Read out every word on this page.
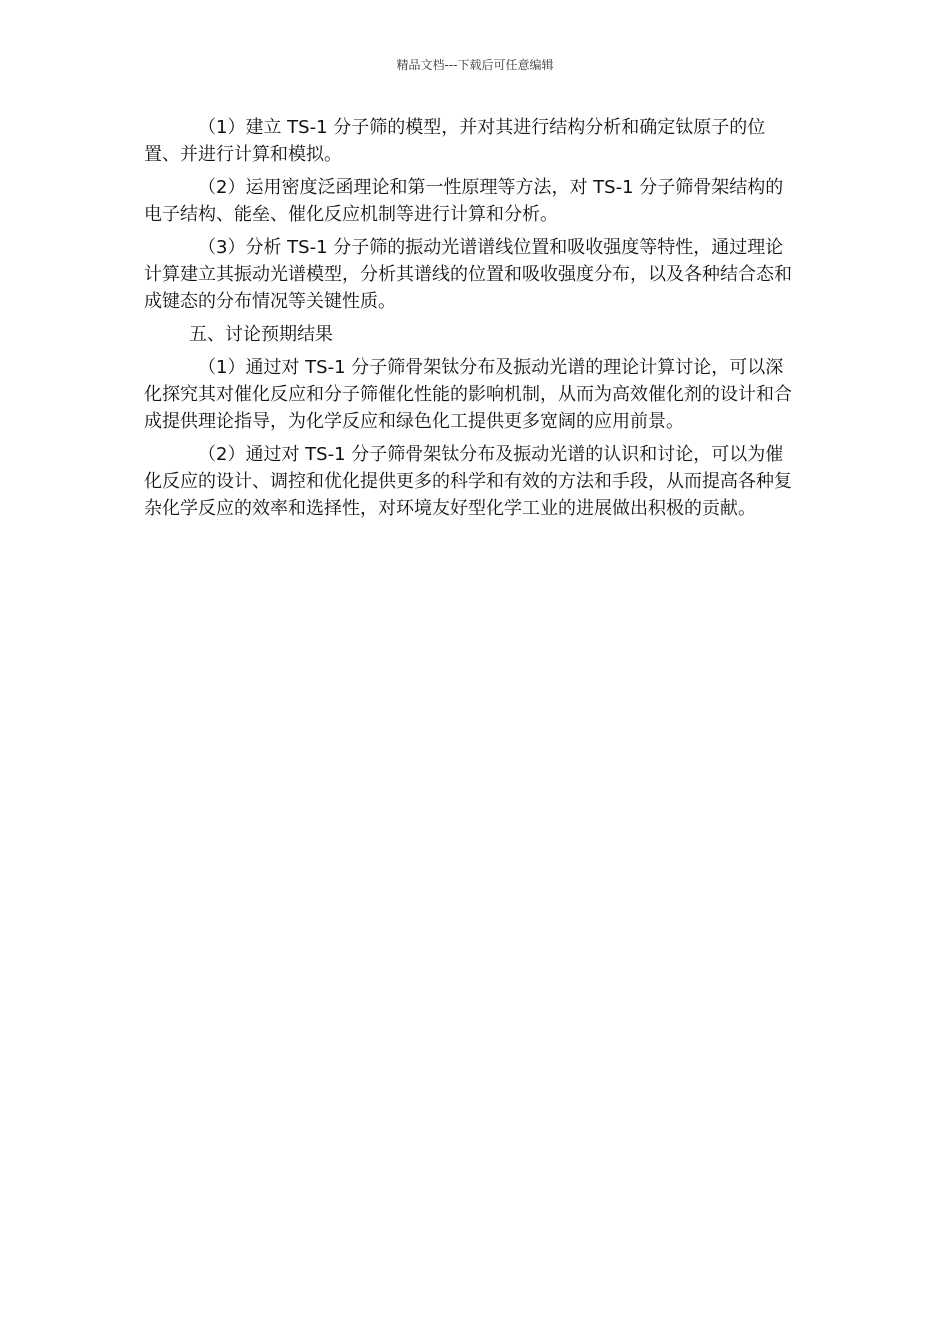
精品文档---下载后可任意编辑

（1）建立 TS-1 分子筛的模型，并对其进行结构分析和确定钛原子的位置、并进行计算和模拟。

（2）运用密度泛函理论和第一性原理等方法，对 TS-1 分子筛骨架结构的电子结构、能垒、催化反应机制等进行计算和分析。

（3）分析 TS-1 分子筛的振动光谱谱线位置和吸收强度等特性，通过理论计算建立其振动光谱模型，分析其谱线的位置和吸收强度分布，以及各种结合态和成键态的分布情况等关键性质。

五、讨论预期结果

（1）通过对 TS-1 分子筛骨架钛分布及振动光谱的理论计算讨论，可以深化探究其对催化反应和分子筛催化性能的影响机制，从而为高效催化剂的设计和合成提供理论指导，为化学反应和绿色化工提供更多宽阔的应用前景。

（2）通过对 TS-1 分子筛骨架钛分布及振动光谱的认识和讨论，可以为催化反应的设计、调控和优化提供更多的科学和有效的方法和手段，从而提高各种复杂化学反应的效率和选择性，对环境友好型化学工业的进展做出积极的贡献。
